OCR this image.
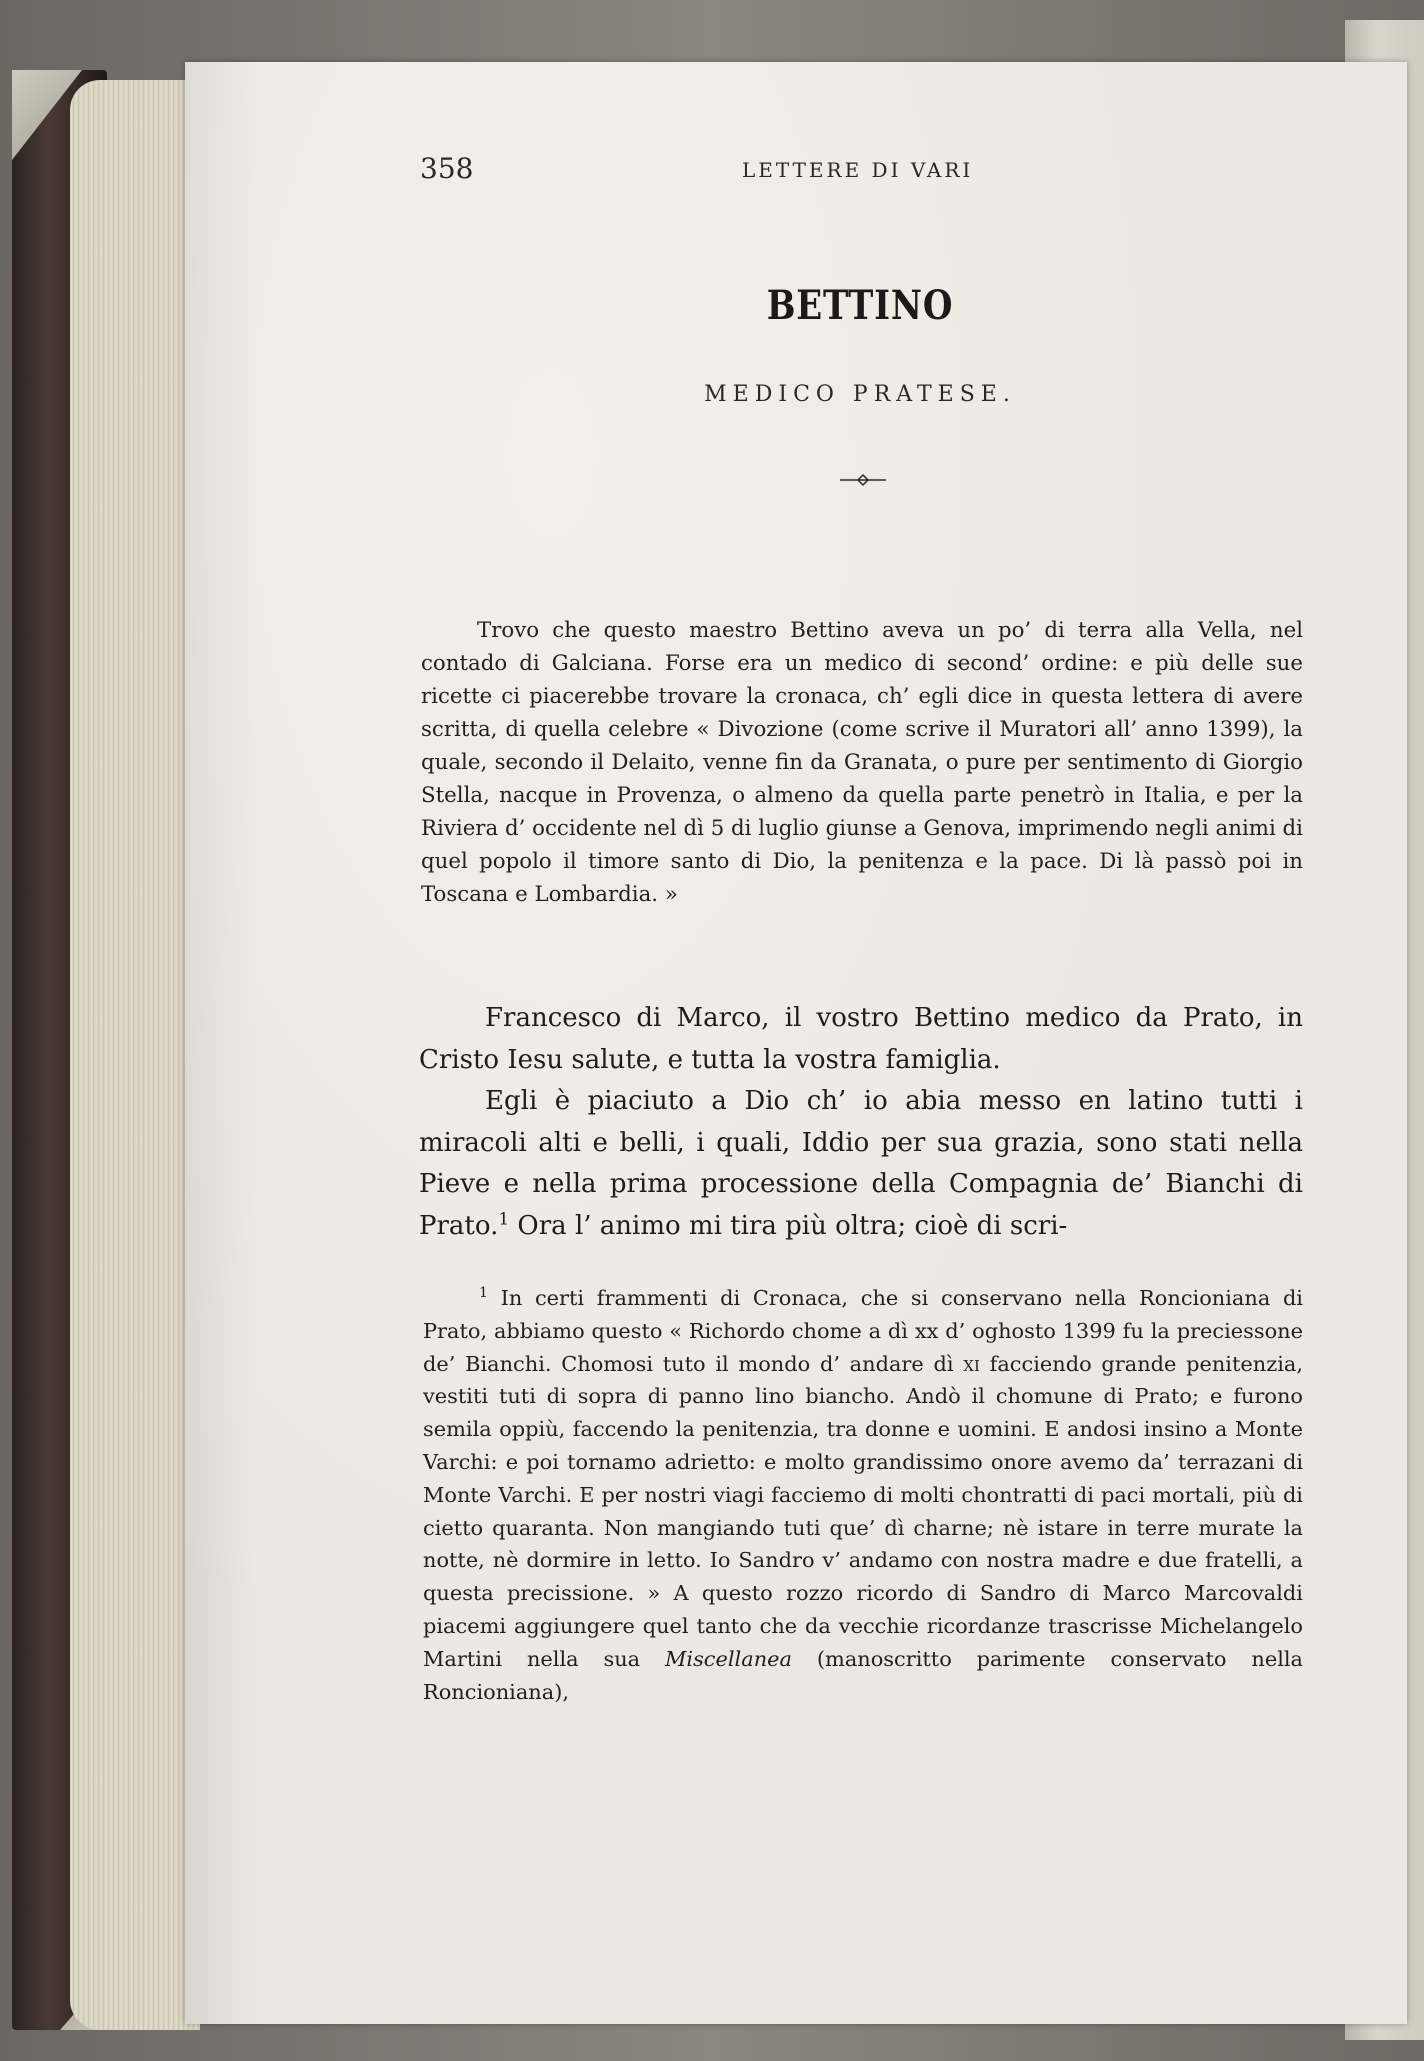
358	LETTERE DI VARI
BETTINO
MEDICO PRATESE.

Trovo che questo maestro Bettino aveva un po’ di terra alla Vella, nel contado di Galciana. Forse era un medico di second’ ordine: e più delle sue ricette ci piacerebbe trovare la cronaca, ch’ egli dice in questa lettera di avere scritta, di quella celebre « Divozione (come scrive il Muratori all’ anno 1399), la quale, secondo il Delaito, venne fin da Granata, o pure per sentimento di Giorgio Stella, nacque in Provenza, o almeno da quella parte penetrò in Italia, e per la Riviera d’ occidente nel dì 5 di luglio giunse a Genova, imprimendo negli animi di quel popolo il timore santo di Dio, la penitenza e la pace. Di là passò poi in Toscana e Lombardia. »

Francesco di Marco, il vostro Bettino medico da Prato, in Cristo Iesu salute, e tutta la vostra famiglia.

Egli è piaciuto a Dio ch’ io abia messo en latino tutti i miracoli alti e belli, i quali, Iddio per sua grazia, sono stati nella Pieve e nella prima processione della Compagnia de’ Bianchi di Prato.$^1$ Ora l’ animo mi tira più oltra; cioè di scri-

$^1$ In certi frammenti di Cronaca, che si conservano nella Roncioniana di Prato, abbiamo questo « Richordo chome a dì xx d’ oghosto 1399 fu la preciessone de’ Bianchi. Chomosi tuto il mondo d’ andare dì xi facciendo grande penitenzia, vestiti tuti di sopra di panno lino biancho. Andò il chomune di Prato; e furono semila oppiù, faccendo la penitenzia, tra donne e uomini. E andosi insino a Monte Varchi: e poi tornamo adrietto: e molto grandissimo onore avemo da’ terrazani di Monte Varchi. E per nostri viagi facciemo di molti chontratti di paci mortali, più di cietto quaranta. Non mangiando tuti que’ dì charne; nè istare in terre murate la notte, nè dormire in letto. Io Sandro v’ andamo con nostra madre e due fratelli, a questa precissione. » A questo rozzo ricordo di Sandro di Marco Marcovaldi piacemi aggiungere quel tanto che da vecchie ricordanze trascrisse Michelangelo Martini nella sua Miscellanea (manoscritto parimente conservato nella Roncioniana),
